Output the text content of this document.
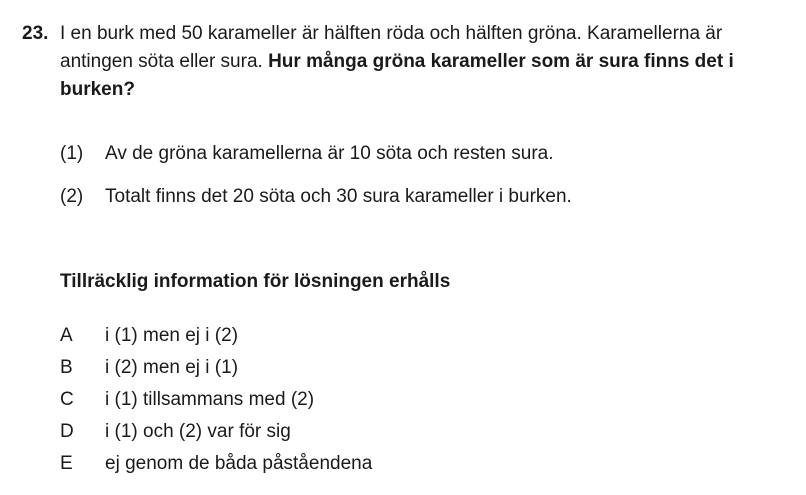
23. I en burk med 50 karameller är hälften röda och hälften gröna. Karamellerna är antingen söta eller sura. Hur många gröna karameller som är sura finns det i burken?
(1) Av de gröna karamellerna är 10 söta och resten sura.
(2) Totalt finns det 20 söta och 30 sura karameller i burken.
Tillräcklig information för lösningen erhålls
A i (1) men ej i (2)
B i (2) men ej i (1)
C i (1) tillsammans med (2)
D i (1) och (2) var för sig
E ej genom de båda påståendena
